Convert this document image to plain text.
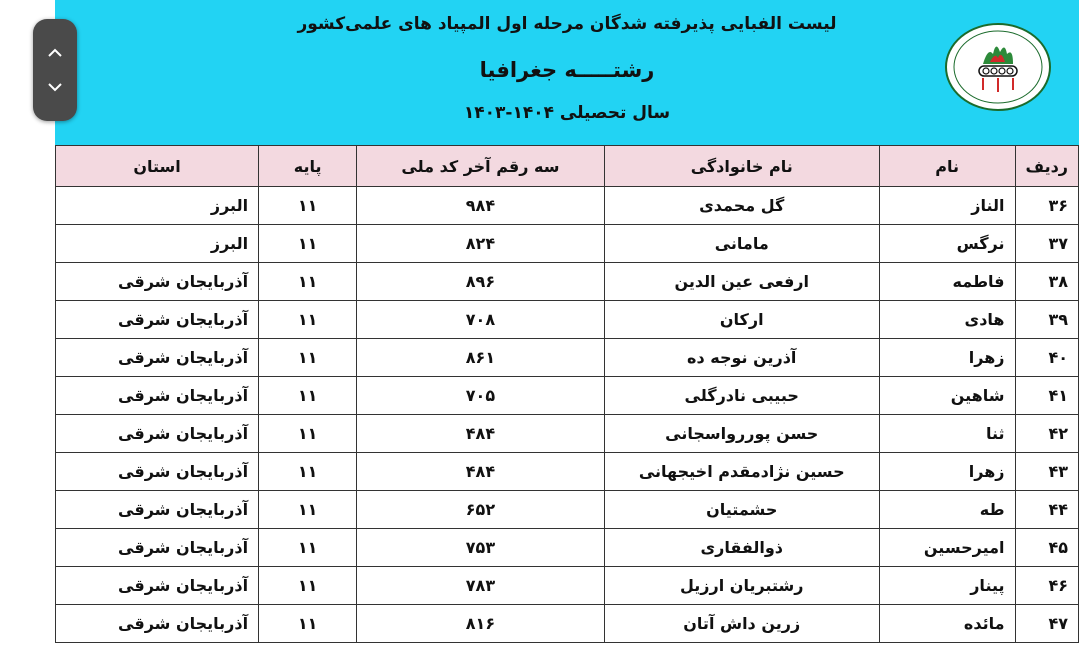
لیست الفبایی پذیرفته شدگان مرحله اول المپیاد های علمی‌کشور
رشتـــــه جغرافیا
سال تحصیلی ۱۴۰۴-۱۴۰۳
ردیف	نام	نام خانوادگی	سه رقم آخر کد ملی	پایه	استان
۳۶	الناز	گل محمدی	۹۸۴	۱۱	البرز
۳۷	نرگس	مامانی	۸۲۴	۱۱	البرز
۳۸	فاطمه	ارفعی عین الدین	۸۹۶	۱۱	آذربایجان شرقی
۳۹	هادی	ارکان	۷۰۸	۱۱	آذربایجان شرقی
۴۰	زهرا	آذرین نوجه ده	۸۶۱	۱۱	آذربایجان شرقی
۴۱	شاهین	حبیبی نادرگلی	۷۰۵	۱۱	آذربایجان شرقی
۴۲	ثنا	حسن پوررواسجانی	۴۸۴	۱۱	آذربایجان شرقی
۴۳	زهرا	حسین نژادمقدم اخیجهانی	۴۸۴	۱۱	آذربایجان شرقی
۴۴	طه	حشمتیان	۶۵۲	۱۱	آذربایجان شرقی
۴۵	امیرحسین	ذوالفقاری	۷۵۳	۱۱	آذربایجان شرقی
۴۶	پینار	رشتبریان ارزیل	۷۸۳	۱۱	آذربایجان شرقی
۴۷	مائده	زرین داش آتان	۸۱۶	۱۱	آذربایجان شرقی
